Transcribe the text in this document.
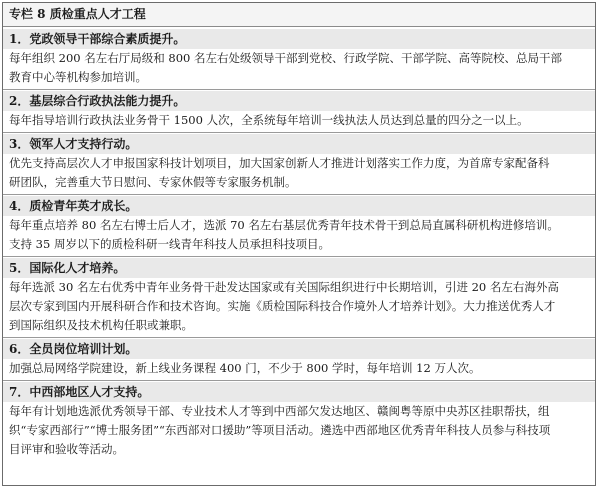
专栏 8 质检重点人才工程
1．党政领导干部综合素质提升。
每年组织 200 名左右厅局级和 800 名左右处级领导干部到党校、行政学院、干部学院、高等院校、总局干部
教育中心等机构参加培训。
2．基层综合行政执法能力提升。
每年指导培训行政执法业务骨干 1500 人次，全系统每年培训一线执法人员达到总量的四分之一以上。
3．领军人才支持行动。
优先支持高层次人才申报国家科技计划项目，加大国家创新人才推进计划落实工作力度，为首席专家配备科
研团队，完善重大节日慰问、专家休假等专家服务机制。
4．质检青年英才成长。
每年重点培养 80 名左右博士后人才，选派 70 名左右基层优秀青年技术骨干到总局直属科研机构进修培训。
支持 35 周岁以下的质检科研一线青年科技人员承担科技项目。
5．国际化人才培养。
每年选派 30 名左右优秀中青年业务骨干赴发达国家或有关国际组织进行中长期培训，引进 20 名左右海外高
层次专家到国内开展科研合作和技术咨询。实施《质检国际科技合作境外人才培养计划》。大力推送优秀人才
到国际组织及技术机构任职或兼职。
6．全员岗位培训计划。
加强总局网络学院建设，新上线业务课程 400 门，不少于 800 学时，每年培训 12 万人次。
7．中西部地区人才支持。
每年有计划地选派优秀领导干部、专业技术人才等到中西部欠发达地区、赣闽粤等原中央苏区挂职帮扶，组
织“专家西部行”“博士服务团”“东西部对口援助”等项目活动。遴选中西部地区优秀青年科技人员参与科技项
目评审和验收等活动。
